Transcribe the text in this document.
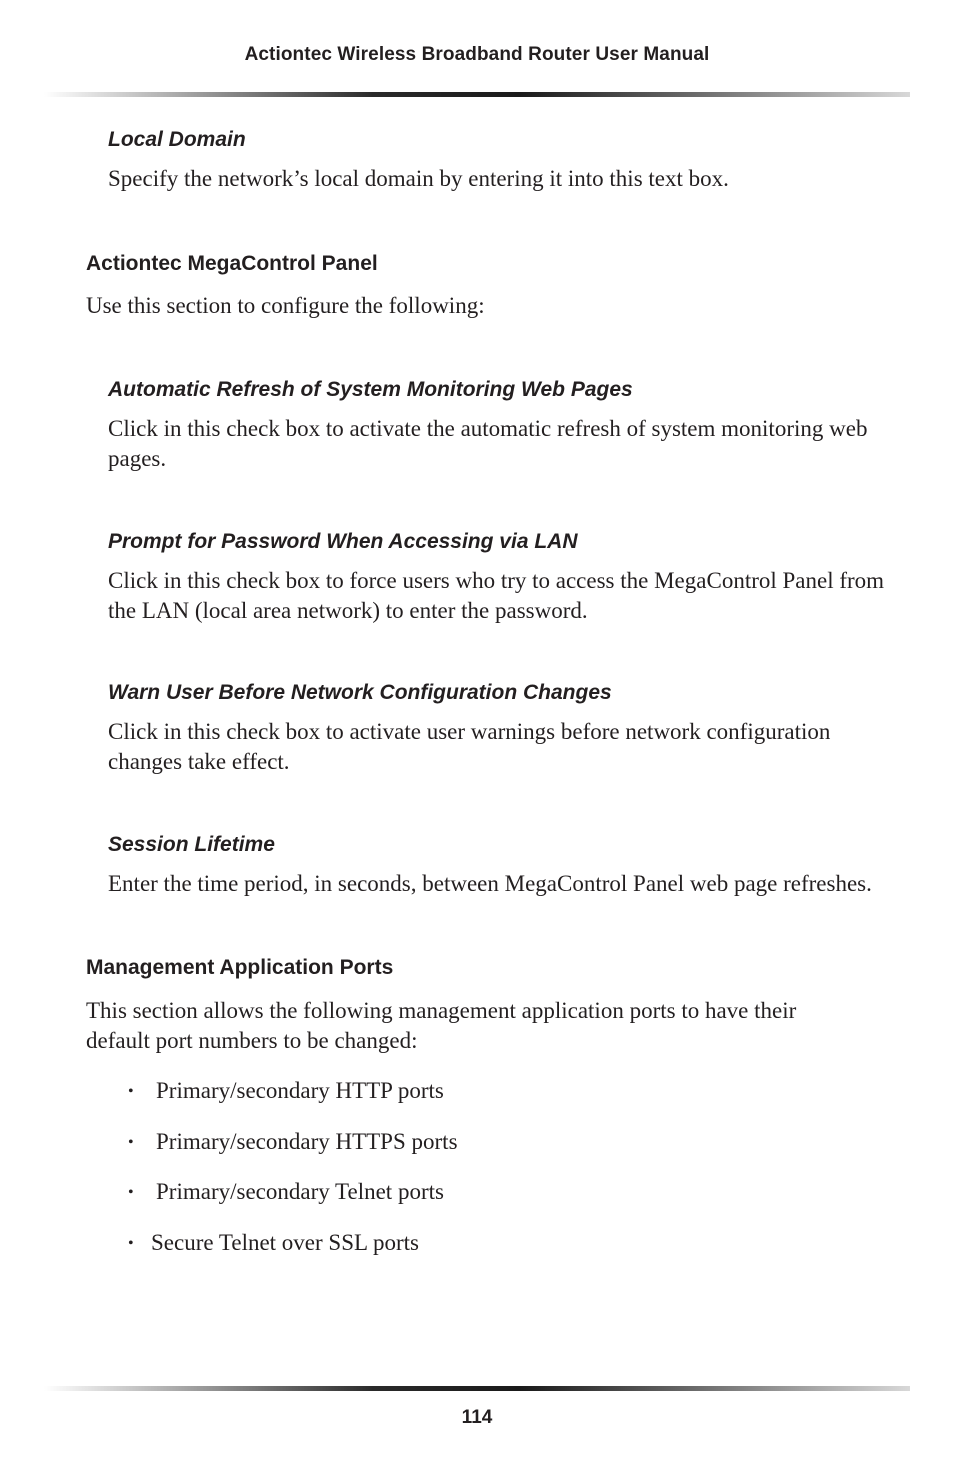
Actiontec Wireless Broadband Router User Manual
Local Domain
Specify the network’s local domain by entering it into this text box.
Actiontec MegaControl Panel
Use this section to configure the following:
Automatic Refresh of System Monitoring Web Pages
Click in this check box to activate the automatic refresh of system monitoring web pages.
Prompt for Password When Accessing via LAN
Click in this check box to force users who try to access the MegaControl Panel from the LAN (local area network) to enter the password.
Warn User Before Network Configuration Changes
Click in this check box to activate user warnings before network configuration changes take effect.
Session Lifetime
Enter the time period, in seconds, between MegaControl Panel web page refreshes.
Management Application Ports
This section allows the following management application ports to have their default port numbers to be changed:
• Primary/secondary HTTP ports
• Primary/secondary HTTPS ports
• Primary/secondary Telnet ports
• Secure Telnet over SSL ports
114
